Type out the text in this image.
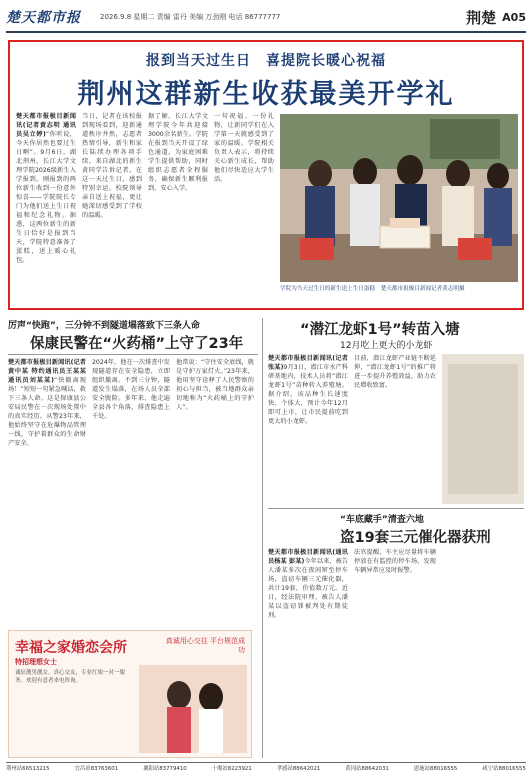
楚天都市报	2026.9.8 星期二 责编 雷丹 美编 万劲刚 电话 86777777	荆楚 A05
报到当天过生日　喜提院长暖心祝福
荆州这群新生收获最美开学礼
楚天都市报极目新闻讯(记者黄志明 通讯员吴立婷)“你听说，今天你居然也要过生日啊”。9月6日，湖北荆州，长江大学文理学院2026级新生入学报到。刚报到的两位新生收到一份意外惊喜——学院院长专门为他们送上生日祝福和纪念礼物。据悉，这两位新生的新生日恰好是报到当天，学院特意准备了蛋糕，送上暖心礼包。
当日，记者在该校报到现场看到，迎新通道秩序井然，志愿者热情引导，新生和家长陆续办理各项手续。来自湖北的新生黄同学告诉记者，在这一天过生日，感到特别幸运。校院领导亲自送上祝福，更让她深切感受到了学校的温暖。
据了解，长江大学文理学院今年共迎接3000余名新生。学院在报到当天开设了绿色通道，为家庭困难学生提供帮助，同时组织志愿者全程服务，确保新生顺利报到、安心入学。
一句祝福、一份礼物，让新同学们在入学第一天就感受到了家的温暖。学院相关负责人表示，将持续关心新生成长，帮助他们尽快适应大学生活。
学院为当天过生日的新生送上生日蛋糕　楚天都市报极目新闻记者黄志明摄
厉声“快跑”，三分钟不到隧道塌落致下三条人命
保康民警在“火药桶”上守了23年
楚天都市报极目新闻讯(记者黄中某 特约通讯员王某某 通讯员刘某某)“快撤离现场！”短短一句紧急喊话，救下三条人命。这是保康县公安局民警在一次现场处置中的真实经历。从警23年来，他始终坚守在危爆物品管理一线，守护着群众的生命财产安全。
2024年，他在一次排查中发现隧道存在安全隐患，立即组织撤离。不到三分钟，隧道发生塌落，在场人员全部安全脱险。多年来，他走遍全县各个角落，排查隐患上千处。
他常说：“守住安全底线，就是守护万家灯火。”23年来，他用坚守诠释了人民警察的初心与担当，被当地群众亲切地称为“火药桶上的守护人”。
“潜江龙虾1号”转苗入塘
12月吃上更大的小龙虾
楚天都市报极目新闻讯(记者 张某)9月3日，潜江市水产科研基地内，技术人员将“潜江龙虾1号”苗种转入养殖塘。据介绍，该品种生长速度快、个体大，预计今年12月即可上市，让市民提前吃到更大的小龙虾。
目前，潜江龙虾产业链不断延伸，“潜江龙虾1号”的推广将进一步提升养殖效益，助力农民增收致富。
“车底藏手”清查六地
盗19套三元催化器获刑
楚天都市报极目新闻讯(通讯员杨某 彭某)今年以来，被告人潘某多次在夜间窜至停车场，盗窃车辆三元催化器，共计19套，价值数万元。近日，经法院审理，被告人潘某以盗窃罪被判处有期徒刑。
法官提醒，车主应尽量将车辆停放在有监控的停车场，发现车辆异常应及时报警。
幸福之家婚恋会所	真诚用心交往 平台规范成功
特招理想女士
诚征靓男靓女，真心交友，专业红娘一对一服务。欢迎有意者来电咨询。
荆州站66513215	宜昌站83763601	襄阳站83779410	十堰站8223921	孝感站88642021	黄冈站88642031	恩施站88016555	咸宁站88016555
